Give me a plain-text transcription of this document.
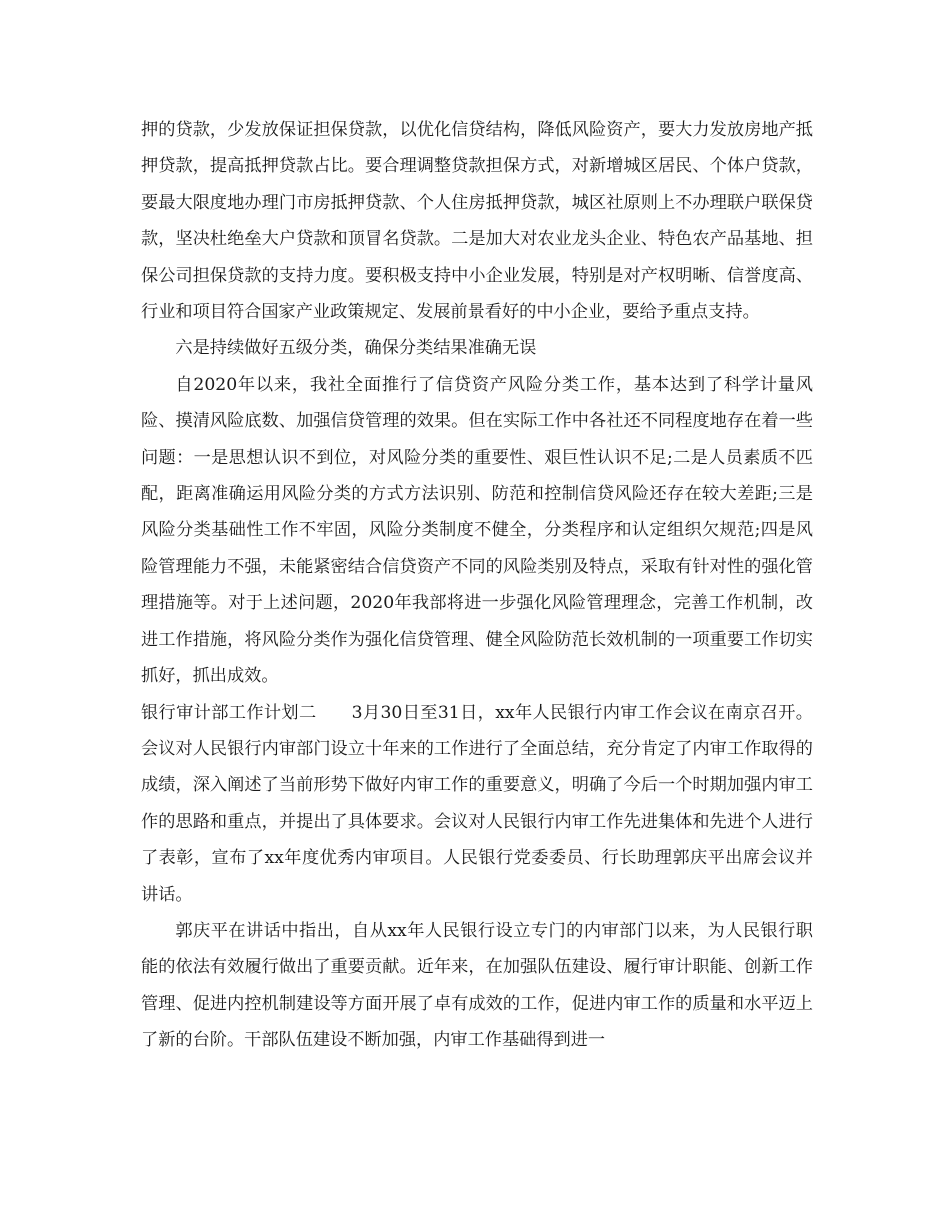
押的贷款，少发放保证担保贷款，以优化信贷结构，降低风险资产，要大力发放房地产抵押贷款，提高抵押贷款占比。要合理调整贷款担保方式，对新增城区居民、个体户贷款，要最大限度地办理门市房抵押贷款、个人住房抵押贷款，城区社原则上不办理联户联保贷款，坚决杜绝垒大户贷款和顶冒名贷款。二是加大对农业龙头企业、特色农产品基地、担保公司担保贷款的支持力度。要积极支持中小企业发展，特别是对产权明晰、信誉度高、行业和项目符合国家产业政策规定、发展前景看好的中小企业，要给予重点支持。

六是持续做好五级分类，确保分类结果准确无误

自2020年以来，我社全面推行了信贷资产风险分类工作，基本达到了科学计量风险、摸清风险底数、加强信贷管理的效果。但在实际工作中各社还不同程度地存在着一些问题：一是思想认识不到位，对风险分类的重要性、艰巨性认识不足;二是人员素质不匹配，距离准确运用风险分类的方式方法识别、防范和控制信贷风险还存在较大差距;三是风险分类基础性工作不牢固，风险分类制度不健全，分类程序和认定组织欠规范;四是风险管理能力不强，未能紧密结合信贷资产不同的风险类别及特点，采取有针对性的强化管理措施等。对于上述问题，2020年我部将进一步强化风险管理理念，完善工作机制，改进工作措施，将风险分类作为强化信贷管理、健全风险防范长效机制的一项重要工作切实抓好，抓出成效。

银行审计部工作计划二　　3月30日至31日，xx年人民银行内审工作会议在南京召开。会议对人民银行内审部门设立十年来的工作进行了全面总结，充分肯定了内审工作取得的成绩，深入阐述了当前形势下做好内审工作的重要意义，明确了今后一个时期加强内审工作的思路和重点，并提出了具体要求。会议对人民银行内审工作先进集体和先进个人进行了表彰，宣布了xx年度优秀内审项目。人民银行党委委员、行长助理郭庆平出席会议并讲话。

郭庆平在讲话中指出，自从xx年人民银行设立专门的内审部门以来，为人民银行职能的依法有效履行做出了重要贡献。近年来，在加强队伍建设、履行审计职能、创新工作管理、促进内控机制建设等方面开展了卓有成效的工作，促进内审工作的质量和水平迈上了新的台阶。干部队伍建设不断加强，内审工作基础得到进一
